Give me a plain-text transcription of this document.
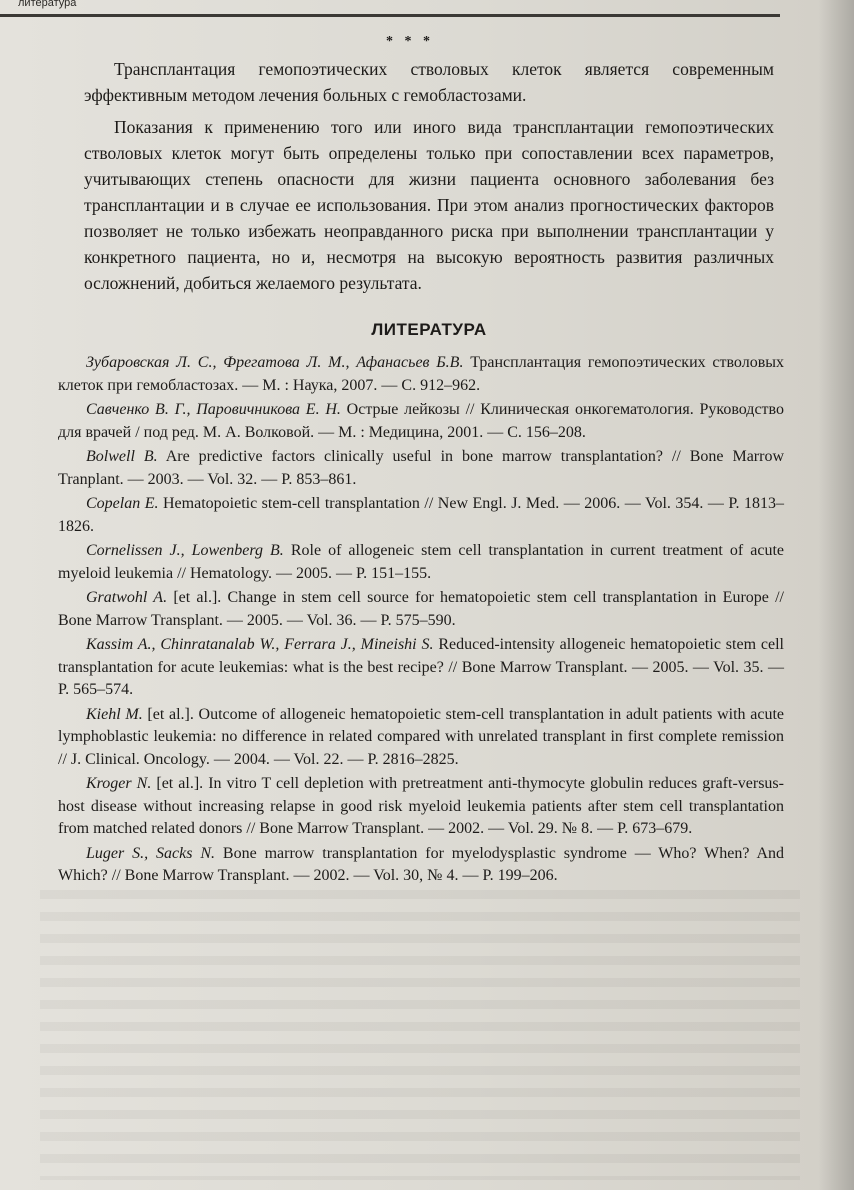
литература
* * *

Трансплантация гемопоэтических стволовых клеток является современным эффективным методом лечения больных с гемобластозами.

Показания к применению того или иного вида трансплантации гемопоэтических стволовых клеток могут быть определены только при сопоставлении всех параметров, учитывающих степень опасности для жизни пациента основного заболевания без трансплантации и в случае ее использования. При этом анализ прогностических факторов позволяет не только избежать неоправданного риска при выполнении трансплантации у конкретного пациента, но и, несмотря на высокую вероятность развития различных осложнений, добиться желаемого результата.

ЛИТЕРАТУРА

Зубаровская Л. С., Фрегатова Л. М., Афанасьев Б.В. Трансплантация гемопоэтических стволовых клеток при гемобластозах. — М. : Наука, 2007. — С. 912–962.

Савченко В. Г., Паровичникова Е. Н. Острые лейкозы // Клиническая онкогематология. Руководство для врачей / под ред. М. А. Волковой. — М. : Медицина, 2001. — С. 156–208.

Bolwell B. Are predictive factors clinically useful in bone marrow transplantation? // Bone Marrow Tranplant. — 2003. — Vol. 32. — P. 853–861.

Copelan E. Hematopoietic stem-cell transplantation // New Engl. J. Med. — 2006. — Vol. 354. — P. 1813–1826.

Cornelissen J., Lowenberg B. Role of allogeneic stem cell transplantation in current treatment of acute myeloid leukemia // Hematology. — 2005. — P. 151–155.

Gratwohl A. [et al.]. Change in stem cell source for hematopoietic stem cell transplantation in Europe // Bone Marrow Transplant. — 2005. — Vol. 36. — P. 575–590.

Kassim A., Chinratanalab W., Ferrara J., Mineishi S. Reduced-intensity allogeneic hematopoietic stem cell transplantation for acute leukemias: what is the best recipe? // Bone Marrow Transplant. — 2005. — Vol. 35. — P. 565–574.

Kiehl M. [et al.]. Outcome of allogeneic hematopoietic stem-cell transplantation in adult patients with acute lymphoblastic leukemia: no difference in related compared with unrelated transplant in first complete remission // J. Clinical. Oncology. — 2004. — Vol. 22. — P. 2816–2825.

Kroger N. [et al.]. In vitro T cell depletion with pretreatment anti-thymocyte globulin reduces graft-versus-host disease without increasing relapse in good risk myeloid leukemia patients after stem cell transplantation from matched related donors // Bone Marrow Transplant. — 2002. — Vol. 29. № 8. — P. 673–679.

Luger S., Sacks N. Bone marrow transplantation for myelodysplastic syndrome — Who? When? And Which? // Bone Marrow Transplant. — 2002. — Vol. 30, № 4. — P. 199–206.
